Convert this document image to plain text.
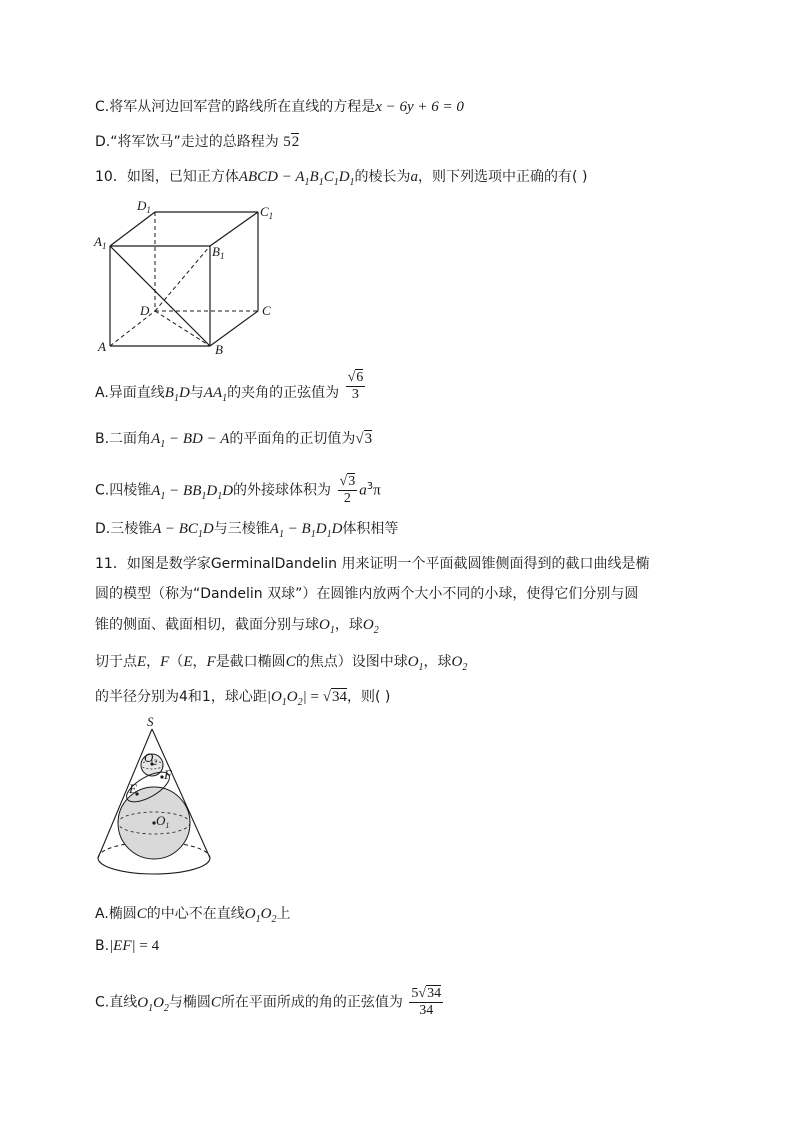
C.将军从河边回军营的路线所在直线的方程是x − 6y + 6 = 0
D.“将军饮马”走过的总路程为 52
10．如图，已知正方体ABCD − $A_1B_1C_1D_1$的棱长为a，则下列选项中正确的有( )
$D_1$	$C_1$
$A_1$	$B_1$
D	C
A	B
A.异面直线$B_1D$与$AA_1$的夹角的正弦值为 $\frac{√6}{3}$
B.二面角$A_1$ − BD − A的平面角的正切值为√3
C.四棱锥$A_1 - BB_1D_1D$的外接球体积为 $\frac{√3}{2} a^3\pi$
D.三棱锥$A - BC_1D$与三棱锥$A_1 - B_1D_1D$体积相等
11．如图是数学家GerminalDandelin 用来证明一个平面截圆锥侧面得到的截口曲线是椭
圆的模型（称为“Dandelin 双球”）在圆锥内放两个大小不同的小球，使得它们分别与圆
锥的侧面、截面相切，截面分别与球$O_1$，球$O_2$
切于点E，F（E，F是截口椭圆C的焦点）设图中球$O_1$，球$O_2$
的半径分别为4和1，球心距$|O_1O_2| = √34$，则( )
S
$O_2$
F
E
$O_1$
A.椭圆C的中心不在直线$O_1O_2$上
B.|EF| = 4
C.直线$O_1O_2$与椭圆C所在平面所成的角的正弦值为 $\frac{5√34}{34}$
